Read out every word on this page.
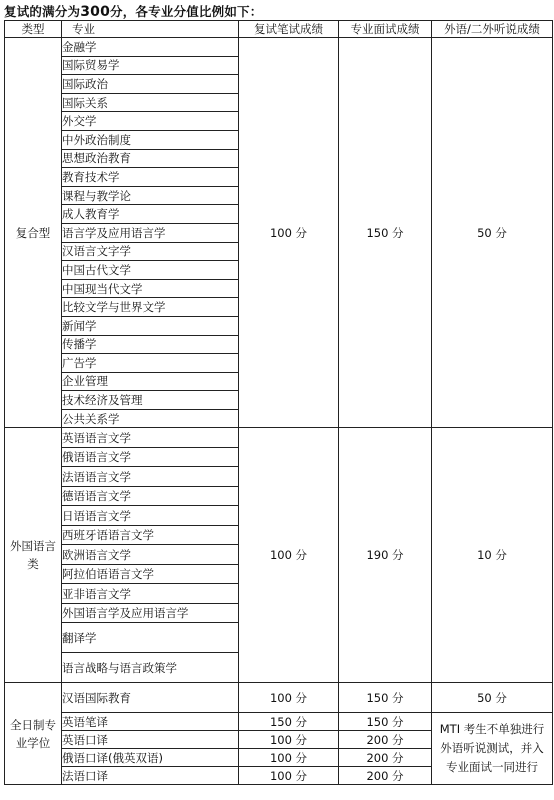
复试的满分为300分，各专业分值比例如下：
类型	专业	复试笔试成绩	专业面试成绩	外语/二外听说成绩
复合型	金融学	100 分	150 分	50 分
	国际贸易学			
	国际政治			
	国际关系			
	外交学			
	中外政治制度			
	思想政治教育			
	教育技术学			
	课程与教学论			
	成人教育学			
	语言学及应用语言学			
	汉语言文字学			
	中国古代文学			
	中国现当代文学			
	比较文学与世界文学			
	新闻学			
	传播学			
	广告学			
	企业管理			
	技术经济及管理			
	公共关系学			
外国语言类	英语语言文学	100 分	190 分	10 分
	俄语语言文学			
	法语语言文学			
	德语语言文学			
	日语语言文学			
	西班牙语语言文学			
	欧洲语言文学			
	阿拉伯语语言文学			
	亚非语言文学			
	外国语言学及应用语言学			
	翻译学			
	语言战略与语言政策学			
全日制专业学位	汉语国际教育	100 分	150 分	50 分
	英语笔译	150 分	150 分	MTI 考生不单独进行外语听说测试，并入专业面试一同进行

	英语口译	100 分	200 分	
	俄语口译(俄英双语)	100 分	200 分	
	法语口译	100 分	200 分	
